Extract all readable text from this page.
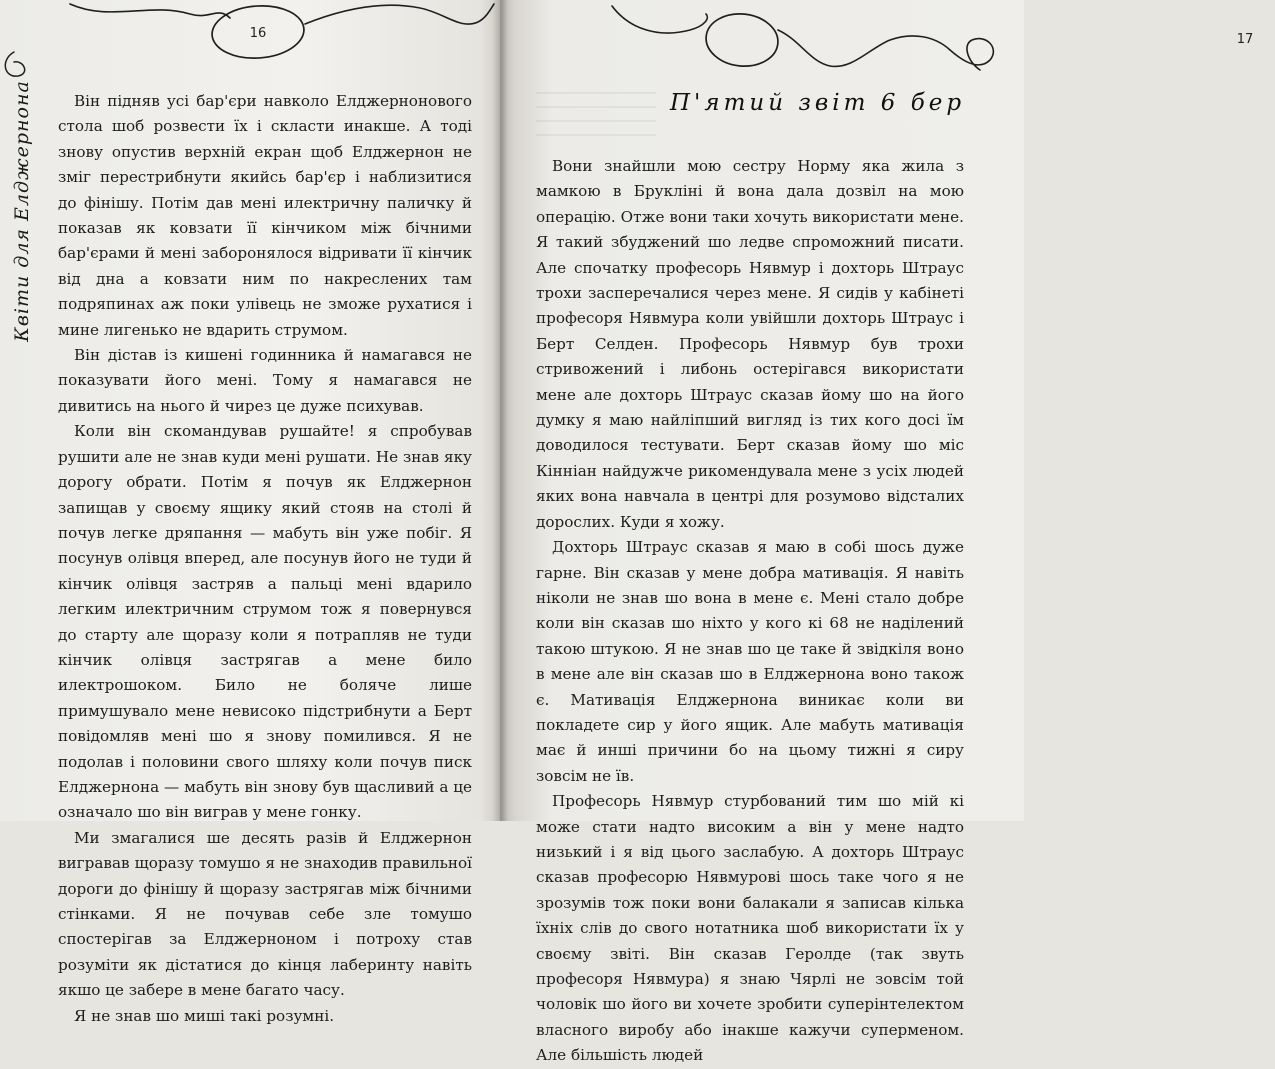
16
Квіти для Елджернона	Він підняв усі бар'єри навколо Елджернонового стола шоб розвести їх і скласти инакше. А тоді знову опустив верхній екран щоб Елджернон не зміг перестрибнути якийсь бар'єр і наблизитися до фінішу. Потім дав мені илектричну паличку й показав як ковзати її кінчиком між бічними бар'єрами й мені заборонялося відривати її кінчик від дна а ковзати ним по накреслених там подряпинах аж поки улівець не зможе рухатися і мине лигенько не вдарить струмом.

Він дістав із кишені годинника й намагався не показувати його мені. Тому я намагався не дивитись на нього й чирез це дуже психував.

Коли він скомандував рушайте! я спробував рушити але не знав куди мені рушати. Не знав яку дорогу обрати. Потім я почув як Елджернон запищав у своєму ящику який стояв на столі й почув легке дряпання — мабуть він уже побіг. Я посунув олівця вперед, але посунув його не туди й кінчик олівця застряв а пальці мені вдарило легким илектричним струмом тож я повернувся до старту але щоразу коли я потрапляв не туди кінчик олівця застрягав а мене било илектрошоком. Било не боляче лише примушувало мене невисоко підстрибнути а Берт повідомляв мені шо я знову помилився. Я не подолав і половини свого шляху коли почув писк Елджернона — мабуть він знову був щасливий а це означало шо він виграв у мене гонку.

Ми змагалися ше десять разів й Елджернон вигравав щоразу томушо я не знаходив правильної дороги до фінішу й щоразу застрягав між бічними стінками. Я не почував себе зле томушо спостерігав за Елджерноном і потроху став розуміти як дістатися до кінця лаберинту навіть якшо це забере в мене багато часу.

Я не знав шо миші такі розумні.

17
П'ятий звіт 6 бер

Вони знайшли мою сестру Норму яка жила з мамкою в Брукліні й вона дала дозвіл на мою операцію. Отже вони таки хочуть використати мене. Я такий збуджений шо ледве спроможний писати. Але спочатку професорь Нявмур і дохторь Штраус трохи засперечалися через мене. Я сидів у кабінеті професоря Нявмура коли увійшли дохторь Штраус і Берт Селден. Професорь Нявмур був трохи стривожений і либонь остерігався використати мене але дохторь Штраус сказав йому шо на його думку я маю найліпший вигляд із тих кого досі їм доводилося тестувати. Берт сказав йому шо міс Кінніан найдужче рикомендувала мене з усіх людей яких вона навчала в центрі для розумово відсталих дорослих. Куди я хожу.

Дохторь Штраус сказав я маю в собі шось дуже гарне. Він сказав у мене добра мативація. Я навіть ніколи не знав шо вона в мене є. Мені стало добре коли він сказав шо ніхто у кого кі 68 не наділений такою штукою. Я не знав шо це таке й звідкіля воно в мене але він сказав шо в Елджернона воно також є. Мативація Елджернона виникає коли ви покладете сир у його ящик. Але мабуть мативація має й инші причини бо на цьому тижні я сиру зовсім не їв.

Професорь Нявмур стурбований тим шо мій кі може стати надто високим а він у мене надто низький і я від цього заслабую. А дохторь Штраус сказав професорю Нявмурові шось таке чого я не зрозумів тож поки вони балакали я записав кілька їхніх слів до свого нотатника шоб використати їх у своєму звіті. Він сказав Геролде (так звуть професоря Нявмура) я знаю Чярлі не зовсім той чоловік шо його ви хочете зробити суперінтелектом власного виробу або інакше кажучи суперменом. Але більшість людей
